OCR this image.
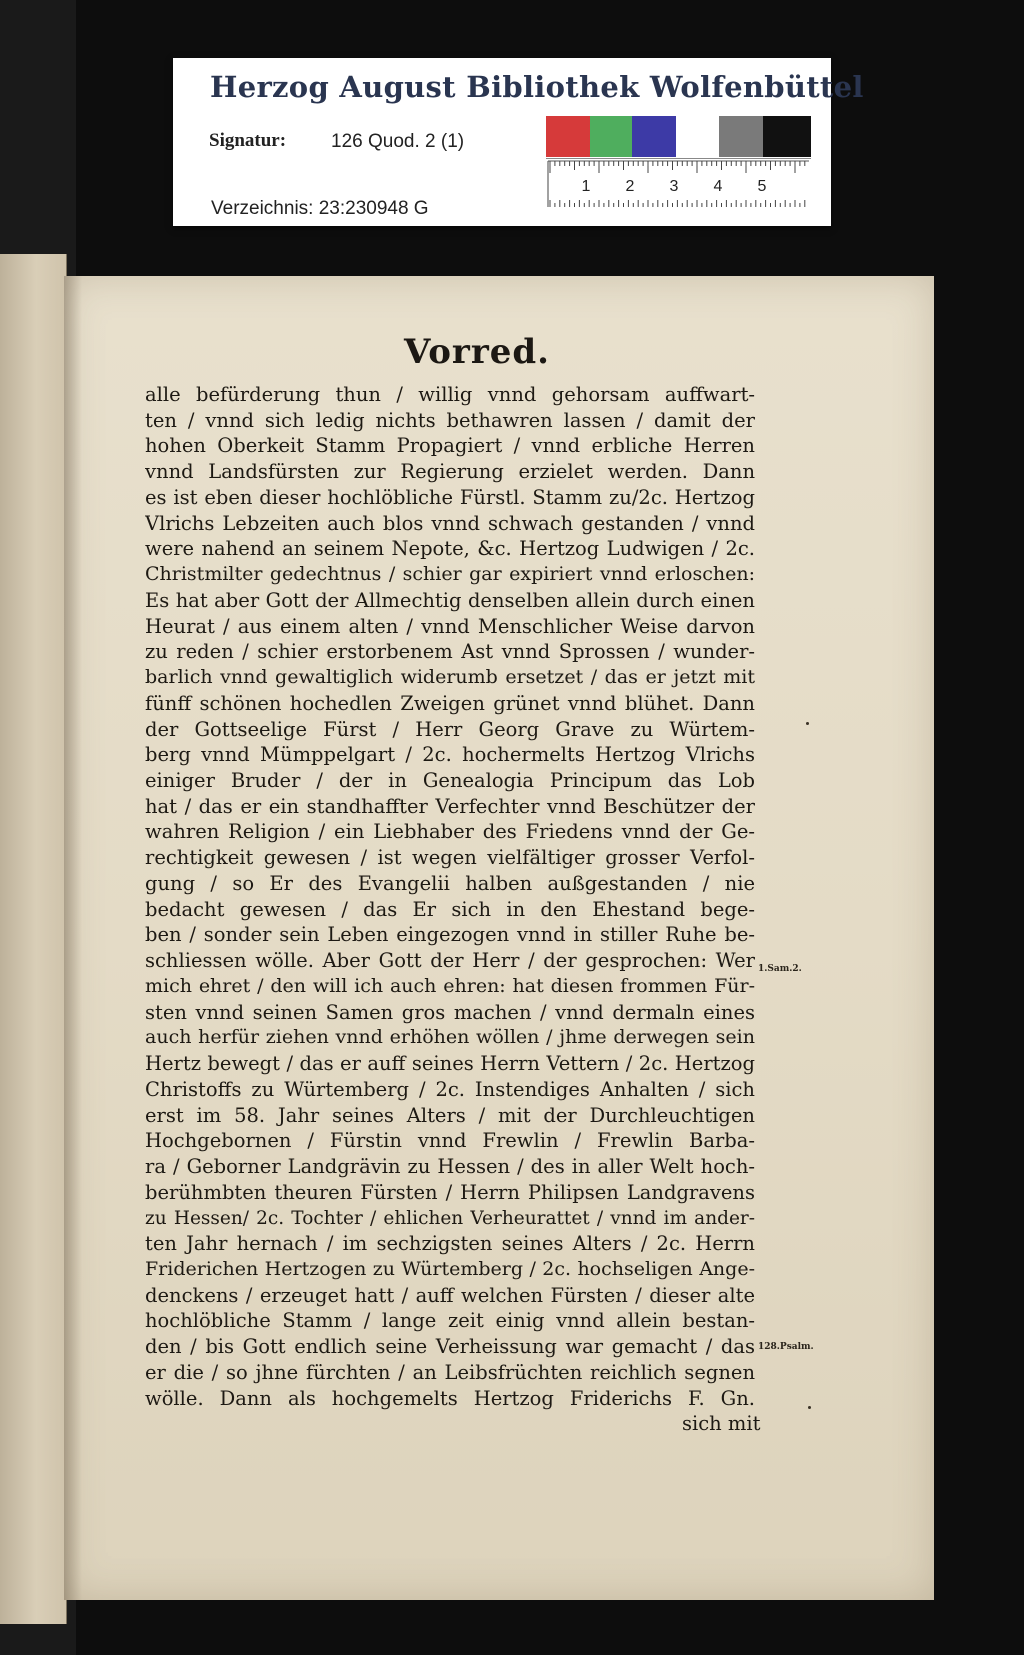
Herzog August Bibliothek Wolfenbüttel
Signatur: 126 Quod. 2 (1)
Verzeichnis: 23:230948 G
1 2 3 4 5
Vorred.
alle befürderung thun / willig vnnd gehorsam auffwart-
ten / vnnd sich ledig nichts bethawren lassen / damit der
hohen Oberkeit Stamm Propagiert / vnnd erbliche Herren
vnnd Landsfürsten zur Regierung erzielet werden. Dann
es ist eben dieser hochlöbliche Fürstl. Stamm zu/2c. Hertzog
Vlrichs Lebzeiten auch blos vnnd schwach gestanden / vnnd
were nahend an seinem Nepote, &c. Hertzog Ludwigen / 2c.
Christmilter gedechtnus / schier gar expiriert vnnd erloschen:
Es hat aber Gott der Allmechtig denselben allein durch einen
Heurat / aus einem alten / vnnd Menschlicher Weise darvon
zu reden / schier erstorbenem Ast vnnd Sprossen / wunder-
barlich vnnd gewaltiglich widerumb ersetzet / das er jetzt mit
fünff schönen hochedlen Zweigen grünet vnnd blühet. Dann
der Gottseelige Fürst / Herr Georg Grave zu Würtem-
berg vnnd Mümppelgart / 2c. hochermelts Hertzog Vlrichs
einiger Bruder / der in Genealogia Principum das Lob
hat / das er ein standhaffter Verfechter vnnd Beschützer der
wahren Religion / ein Liebhaber des Friedens vnnd der Ge-
rechtigkeit gewesen / ist wegen vielfältiger grosser Verfol-
gung / so Er des Evangelii halben außgestanden / nie
bedacht gewesen / das Er sich in den Ehestand bege-
ben / sonder sein Leben eingezogen vnnd in stiller Ruhe be-
schliessen wölle. Aber Gott der Herr / der gesprochen: Wer
mich ehret / den will ich auch ehren: hat diesen frommen Für-
sten vnnd seinen Samen gros machen / vnnd dermaln eines
auch herfür ziehen vnnd erhöhen wöllen / jhme derwegen sein
Hertz bewegt / das er auff seines Herrn Vettern / 2c. Hertzog
Christoffs zu Würtemberg / 2c. Instendiges Anhalten / sich
erst im 58. Jahr seines Alters / mit der Durchleuchtigen
Hochgebornen / Fürstin vnnd Frewlin / Frewlin Barba-
ra / Geborner Landgrävin zu Hessen / des in aller Welt hoch-
berühmbten theuren Fürsten / Herrn Philipsen Landgravens
zu Hessen/ 2c. Tochter / ehlichen Verheurattet / vnnd im ander-
ten Jahr hernach / im sechzigsten seines Alters / 2c. Herrn
Friderichen Hertzogen zu Würtemberg / 2c. hochseligen Ange-
denckens / erzeuget hatt / auff welchen Fürsten / dieser alte
hochlöbliche Stamm / lange zeit einig vnnd allein bestan-
den / bis Gott endlich seine Verheissung war gemacht / das
er die / so jhne fürchten / an Leibsfrüchten reichlich segnen
wölle. Dann als hochgemelts Hertzog Friderichs F. Gn.
sich mit
1.Sam.2.
128.Psalm.
